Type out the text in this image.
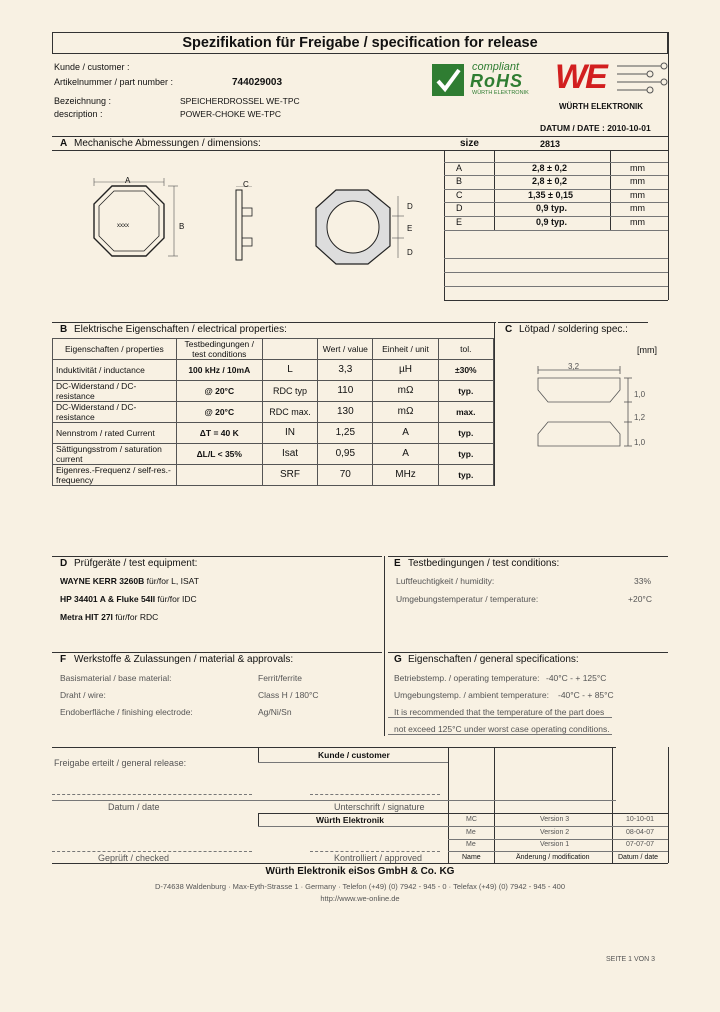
Spezifikation für Freigabe / specification for release
Kunde / customer :
Artikelnummer / part number :	744029003
Bezeichnung :	SPEICHERDROSSEL WE-TPC
description :	POWER-CHOKE WE-TPC
DATUM / DATE : 2010-10-01
compliant
RoHS
WÜRTH ELEKTRONIK WE
WÜRTH ELEKTRONIK
A Mechanische Abmessungen / dimensions:	size	2813
A
B
xxxx
C
D
E
D
A	2,8 ± 0,2	mm
B	2,8 ± 0,2	mm
C	1,35 ± 0,15	mm
D	0,9 typ.	mm
E	0,9 typ.	mm
B Elektrische Eigenschaften / electrical properties:	C Lötpad / soldering spec.:
Eigenschaften / properties	Testbedingungen / test conditions		Wert / value	Einheit / unit	tol.
Induktivität / inductance	100 kHz / 10mA	L	3,3	µH	±30%
DC-Widerstand / DC-resistance	@ 20°C	RDC typ	110	mΩ	typ.
DC-Widerstand / DC-resistance	@ 20°C	RDC max.	130	mΩ	max.
Nennstrom / rated Current	ΔT = 40 K	IN	1,25	A	typ.
Sättigungsstrom / saturation current	ΔL/L < 35%	Isat	0,95	A	typ.
Eigenres.-Frequenz / self-res.-frequency		SRF	70	MHz	typ.
[mm]
3,2
1,0
1,2
1,0
D Prüfgeräte / test equipment:	E Testbedingungen / test conditions:
WAYNE KERR 3260B für/for L, ISAT
HP 34401 A & Fluke 54II für/for IDC
Metra HIT 27I für/for RDC
Luftfeuchtigkeit / humidity:	33%
Umgebungstemperatur / temperature:	+20°C
F Werkstoffe & Zulassungen / material & approvals:	G Eigenschaften / general specifications:
Basismaterial / base material:	Ferrit/ferrite
Draht / wire:	Class H / 180°C
Endoberfläche / finishing electrode:	Ag/Ni/Sn
Betriebstemp. / operating temperature: -40°C - + 125°C
Umgebungstemp. / ambient temperature: -40°C - + 85°C
It is recommended that the temperature of the part does
not exceed 125°C under worst case operating conditions.
Kunde / customer
Freigabe erteilt / general release:
Datum / date	Unterschrift / signature
Würth Elektronik	MC	Version 3	10-10-01
Me	Version 2	08-04-07
Me	Version 1	07-07-07
Geprüft / checked	Kontrolliert / approved	Name	Änderung / modification	Datum / date
Würth Elektronik eiSos GmbH & Co. KG
D-74638 Waldenburg · Max-Eyth-Strasse 1 · Germany · Telefon (+49) (0) 7942 - 945 - 0 · Telefax (+49) (0) 7942 - 945 - 400
http://www.we-online.de
SEITE 1 VON 3
